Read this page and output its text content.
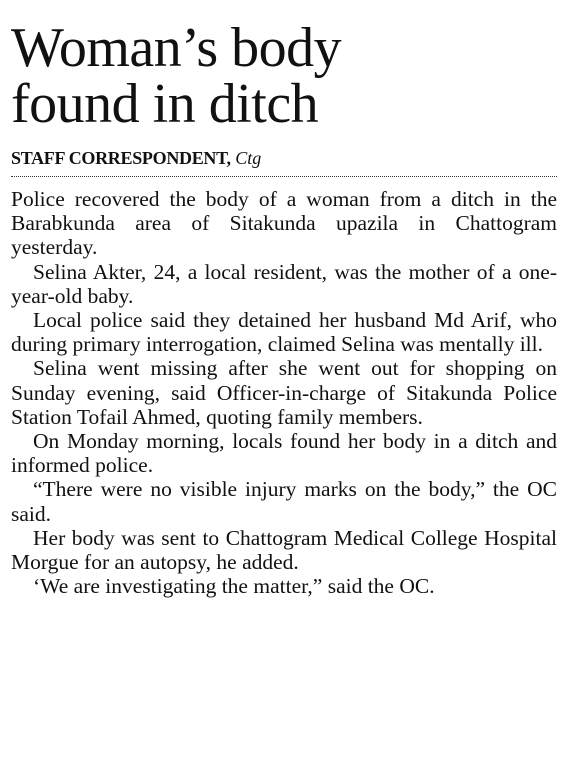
Woman’s body
found in ditch
STAFF CORRESPONDENT, Ctg

Police recovered the body of a woman from a ditch in the Barabkunda area of Sitakunda upazila in Chattogram yesterday.

Selina Akter, 24, a local resident, was the mother of a one-year-old baby.

Local police said they detained her husband Md Arif, who during primary interrogation, claimed Selina was mentally ill.

Selina went missing after she went out for shopping on Sunday evening, said Officer-in-charge of Sitakunda Police Station Tofail Ahmed, quoting family members.

On Monday morning, locals found her body in a ditch and informed police.

“There were no visible injury marks on the body,” the OC said.

Her body was sent to Chattogram Medical College Hospital Morgue for an autopsy, he added.

‘We are investigating the matter,” said the OC.
